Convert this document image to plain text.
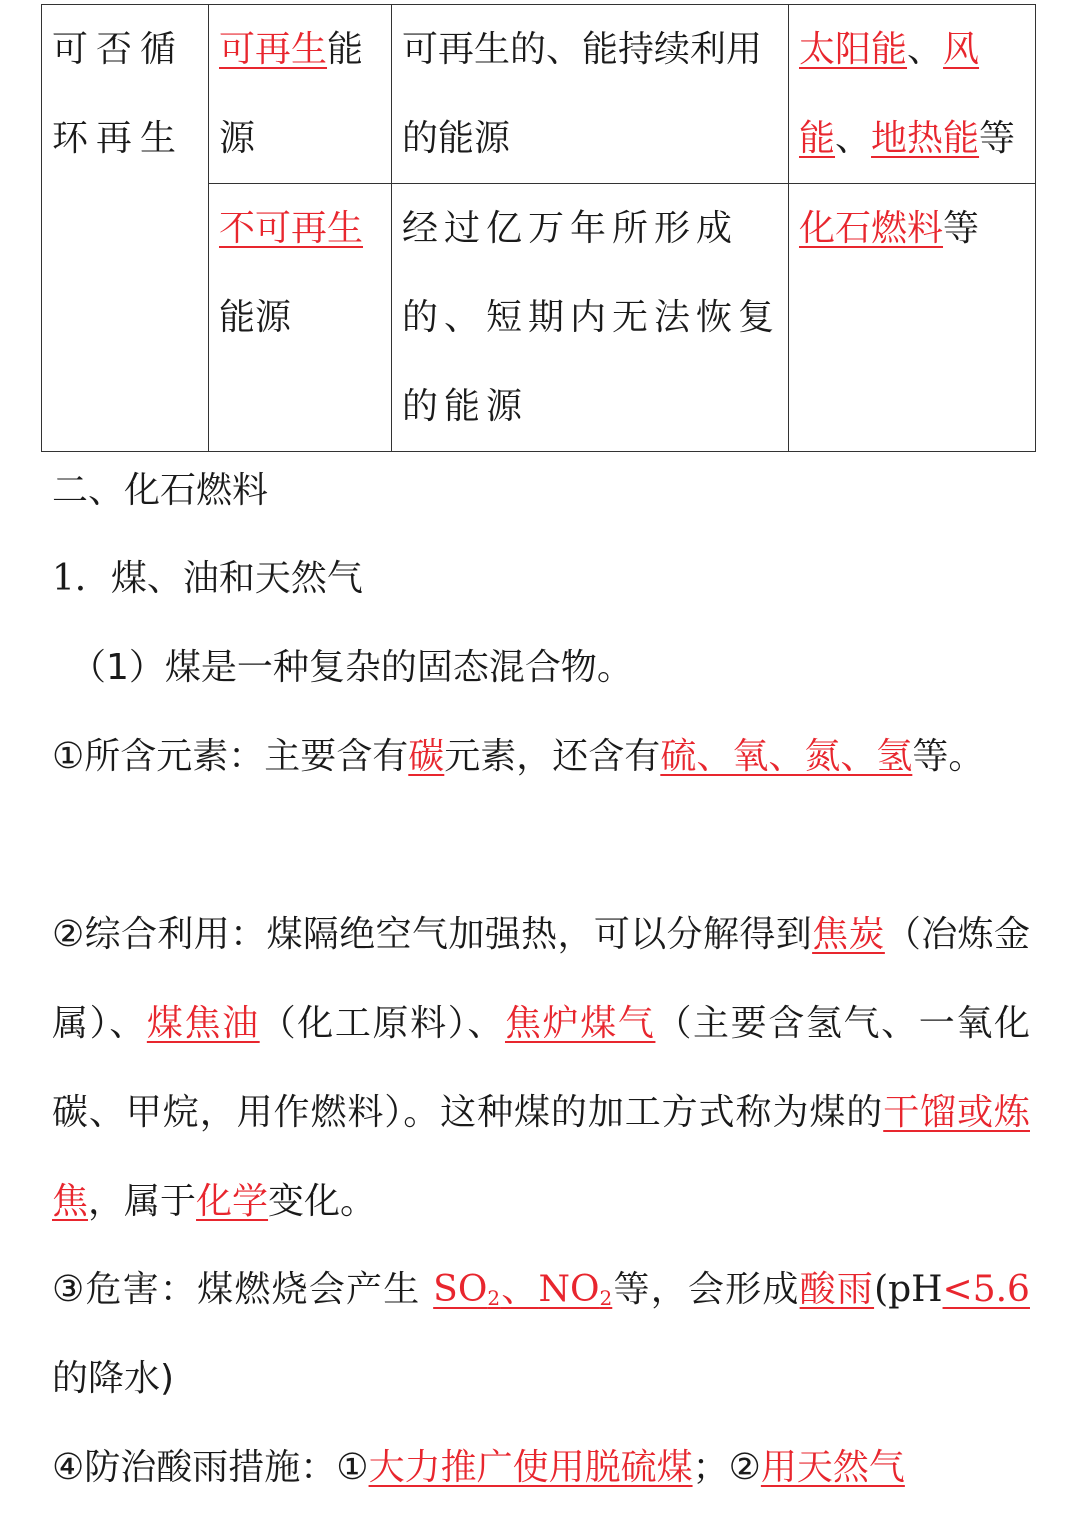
可否循环再生	可再生能源	可再生的、能持续利用的能源	太阳能、风能、地热能等
	不可再生能源	经过亿万年所形成的、短期内无法恢复的能源	化石燃料等
二、化石燃料
1．煤、油和天然气
（1）煤是一种复杂的固态混合物。
①所含元素：主要含有碳元素，还含有硫、氧、氮、氢等。
②综合利用：煤隔绝空气加强热，可以分解得到焦炭（冶炼金属）、煤焦油（化工原料）、焦炉煤气（主要含氢气、一氧化碳、甲烷，用作燃料）。这种煤的加工方式称为煤的干馏或炼焦，属于化学变化。
③危害：煤燃烧会产生 $SO_2$、$NO_2$等，会形成酸雨(pH<5.6的降水)
④防治酸雨措施：①大力推广使用脱硫煤；②用天然气
